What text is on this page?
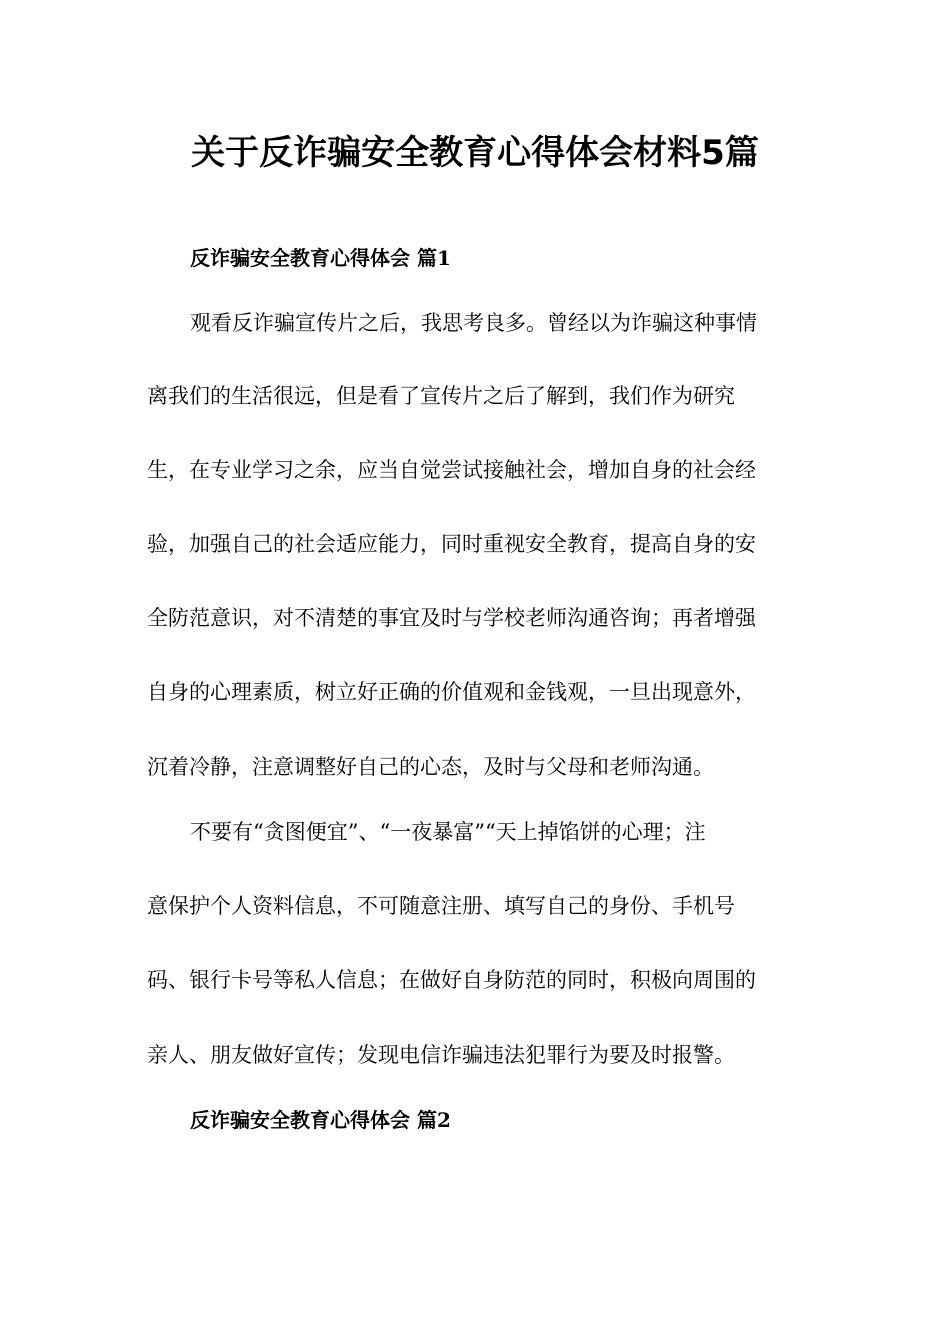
关于反诈骗安全教育心得体会材料5篇
反诈骗安全教育心得体会 篇1

观看反诈骗宣传片之后，我思考良多。曾经以为诈骗这种事情

离我们的生活很远，但是看了宣传片之后了解到，我们作为研究

生，在专业学习之余，应当自觉尝试接触社会，增加自身的社会经

验，加强自己的社会适应能力，同时重视安全教育，提高自身的安

全防范意识，对不清楚的事宜及时与学校老师沟通咨询；再者增强

自身的心理素质，树立好正确的价值观和金钱观，一旦出现意外，

沉着冷静，注意调整好自己的心态，及时与父母和老师沟通。

不要有“贪图便宜”、“一夜暴富”“天上掉馅饼的心理；注

意保护个人资料信息，不可随意注册、填写自己的身份、手机号

码、银行卡号等私人信息；在做好自身防范的同时，积极向周围的

亲人、朋友做好宣传；发现电信诈骗违法犯罪行为要及时报警。

反诈骗安全教育心得体会 篇2
